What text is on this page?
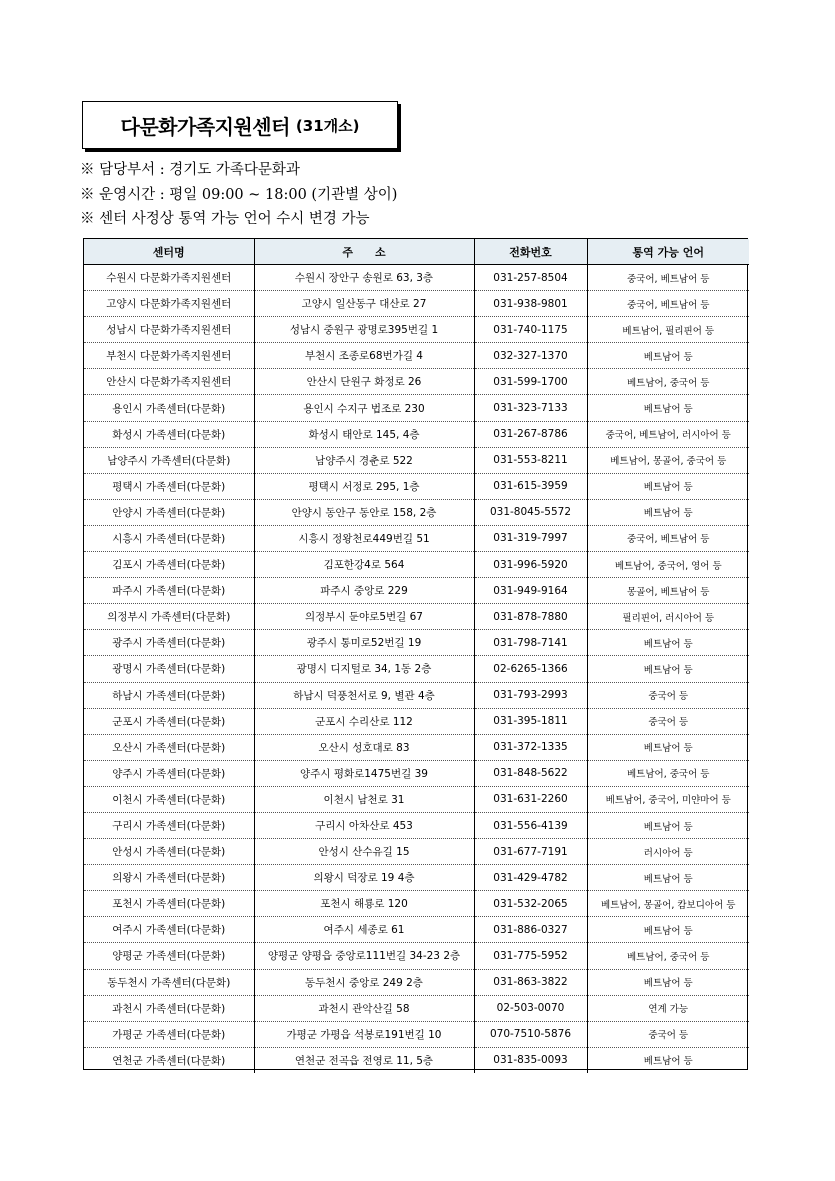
다문화가족지원센터 (31개소)
※ 담당부서 : 경기도 가족다문화과
※ 운영시간 : 평일 09:00 ~ 18:00 (기관별 상이)
※ 센터 사정상 통역 가능 언어 수시 변경 가능
센터명	주　　소	전화번호	통역 가능 언어
수원시 다문화가족지원센터	수원시 장안구 송원로 63, 3층	031-257-8504	중국어, 베트남어 등
고양시 다문화가족지원센터	고양시 일산동구 대산로 27	031-938-9801	중국어, 베트남어 등
성남시 다문화가족지원센터	성남시 중원구 광명로395번길 1	031-740-1175	베트남어, 필리핀어 등
부천시 다문화가족지원센터	부천시 조종로68번가길 4	032-327-1370	베트남어 등
안산시 다문화가족지원센터	안산시 단원구 화정로 26	031-599-1700	베트남어, 중국어 등
용인시 가족센터(다문화)	용인시 수지구 법조로 230	031-323-7133	베트남어 등
화성시 가족센터(다문화)	화성시 태안로 145, 4층	031-267-8786	중국어, 베트남어, 러시아어 등
남양주시 가족센터(다문화)	남양주시 경춘로 522	031-553-8211	베트남어, 몽골어, 중국어 등
평택시 가족센터(다문화)	평택시 서정로 295, 1층	031-615-3959	베트남어 등
안양시 가족센터(다문화)	안양시 동안구 동안로 158, 2층	031-8045-5572	베트남어 등
시흥시 가족센터(다문화)	시흥시 정왕천로449번길 51	031-319-7997	중국어, 베트남어 등
김포시 가족센터(다문화)	김포한강4로 564	031-996-5920	베트남어, 중국어, 영어 등
파주시 가족센터(다문화)	파주시 중앙로 229	031-949-9164	몽골어, 베트남어 등
의정부시 가족센터(다문화)	의정부시 둔야로5번길 67	031-878-7880	필리핀어, 러시아어 등
광주시 가족센터(다문화)	광주시 통미로52번길 19	031-798-7141	베트남어 등
광명시 가족센터(다문화)	광명시 디지털로 34, 1동 2층	02-6265-1366	베트남어 등
하남시 가족센터(다문화)	하남시 덕풍천서로 9, 별관 4층	031-793-2993	중국어 등
군포시 가족센터(다문화)	군포시 수리산로 112	031-395-1811	중국어 등
오산시 가족센터(다문화)	오산시 성호대로 83	031-372-1335	베트남어 등
양주시 가족센터(다문화)	양주시 평화로1475번길 39	031-848-5622	베트남어, 중국어 등
이천시 가족센터(다문화)	이천시 남천로 31	031-631-2260	베트남어, 중국어, 미얀마어 등
구리시 가족센터(다문화)	구리시 아차산로 453	031-556-4139	베트남어 등
안성시 가족센터(다문화)	안성시 산수유길 15	031-677-7191	러시아어 등
의왕시 가족센터(다문화)	의왕시 덕장로 19 4층	031-429-4782	베트남어 등
포천시 가족센터(다문화)	포천시 해룡로 120	031-532-2065	베트남어, 몽골어, 캄보디아어 등
여주시 가족센터(다문화)	여주시 세종로 61	031-886-0327	베트남어 등
양평군 가족센터(다문화)	양평군 양평읍 중앙로111번길 34-23 2층	031-775-5952	베트남어, 중국어 등
동두천시 가족센터(다문화)	동두천시 중앙로 249 2층	031-863-3822	베트남어 등
과천시 가족센터(다문화)	과천시 관악산길 58	02-503-0070	연계 가능
가평군 가족센터(다문화)	가평군 가평읍 석봉로191번길 10	070-7510-5876	중국어 등
연천군 가족센터(다문화)	연천군 전곡읍 전영로 11, 5층	031-835-0093	베트남어 등
